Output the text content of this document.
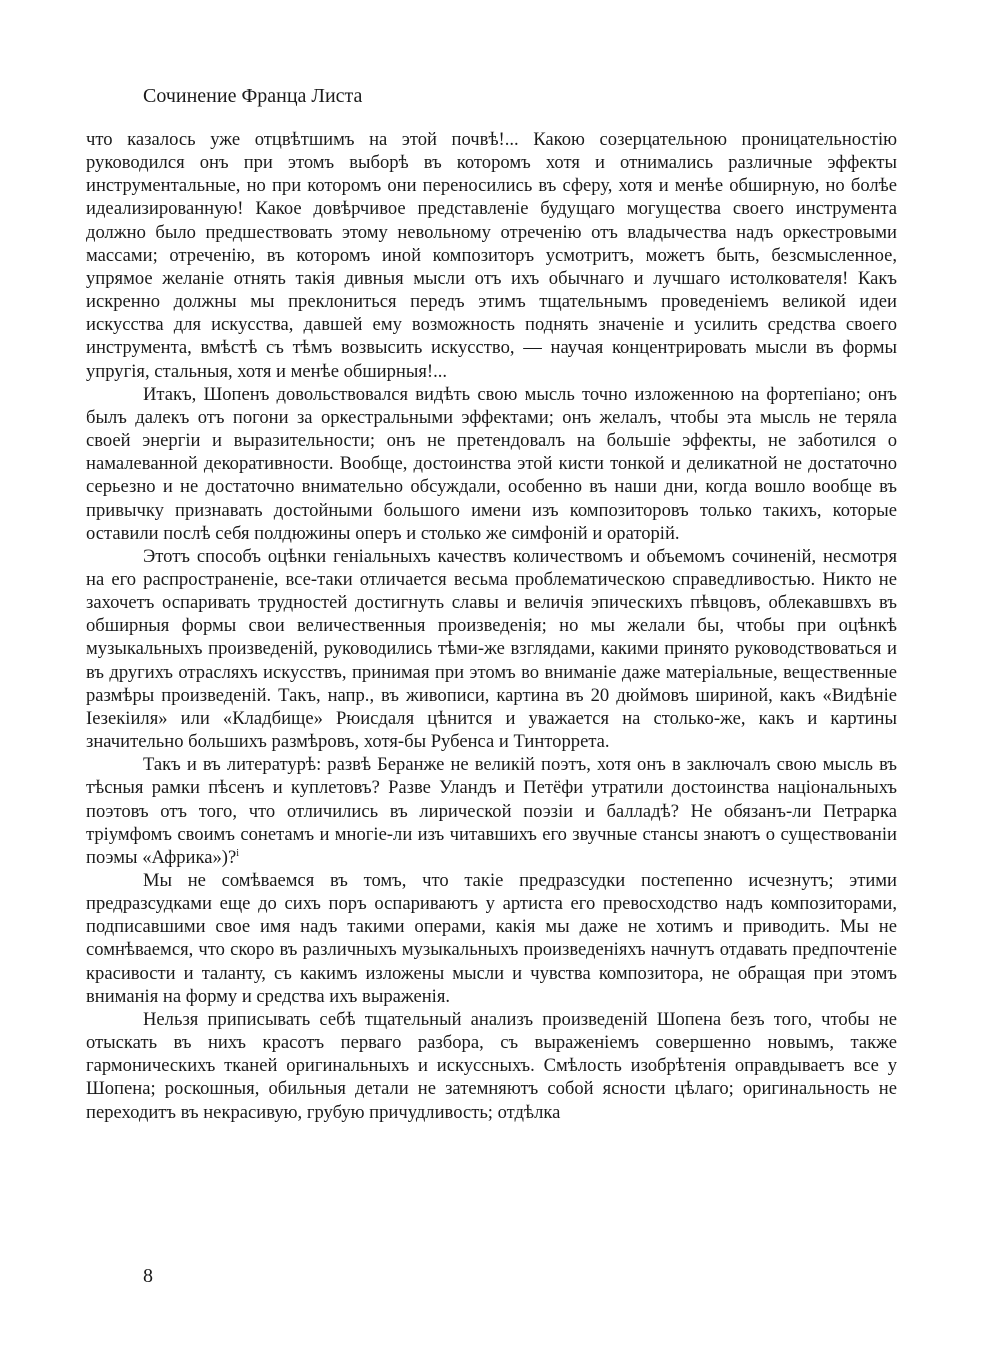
Сочинение Франца Листа

что казалось уже отцвѣтшимъ на этой почвѣ!... Какою созерцательною проницательностію руководился онъ при этомъ выборѣ въ которомъ хотя и отнимались различные эффекты инструментальные, но при которомъ они переносились въ сферу, хотя и менѣе обширную, но болѣе идеализированную! Какое довѣрчивое представленіе будущаго могущества своего инструмента должно было предшествовать этому невольному отреченію отъ владычества надъ оркестровыми массами; отреченію, въ которомъ иной композиторъ усмотритъ, можетъ быть, безсмысленное, упрямое желаніе отнять такія дивныя мысли отъ ихъ обычнаго и лучшаго истолкователя! Какъ искренно должны мы преклониться передъ этимъ тщательнымъ проведеніемъ великой идеи искусства для искусства, давшей ему возможность поднять значеніе и усилить средства своего инструмента, вмѣстѣ съ тѣмъ возвысить искусство, — научая концентрировать мысли въ формы упругія, стальныя, хотя и менѣе обширныя!...

Итакъ, Шопенъ довольствовался видѣть свою мысль точно изложенною на фортепіано; онъ былъ далекъ отъ погони за оркестральными эффектами; онъ желалъ, чтобы эта мысль не теряла своей энергіи и выразительности; онъ не претендовалъ на большіе эффекты, не заботился о намалеванной декоративности. Вообще, достоинства этой кисти тонкой и деликатной не достаточно серьезно и не достаточно внимательно обсуждали, особенно въ наши дни, когда вошло вообще въ привычку признавать достойными большого имени изъ композиторовъ только такихъ, которые оставили послѣ себя полдюжины оперъ и столько же симфоній и ораторій.

Этотъ способъ оцѣнки геніальныхъ качествъ количествомъ и объемомъ сочиненій, несмотря на его распространеніе, все-таки отличается весьма проблематическою справедливостью. Никто не захочетъ оспаривать трудностей достигнуть славы и величія эпическихъ пѣвцовъ, облекавшвхъ въ обширныя формы свои величественныя произведенія; но мы желали бы, чтобы при оцѣнкѣ музыкальныхъ произведеній, руководились тѣми-же взглядами, какими принято руководствоваться и въ другихъ отрасляхъ искусствъ, принимая при этомъ во вниманіе даже матеріальные, вещественные размѣры произведеній. Такъ, напр., въ живописи, картина въ 20 дюймовъ шириной, какъ «Видѣніе Іезекіиля» или «Кладбище» Рюисдаля цѣнится и уважается на столько-же, какъ и картины значительно большихъ размѣровъ, хотя-бы Рубенса и Тинторрета.

Такъ и въ литературѣ: развѣ Беранже не великій поэтъ, хотя онъ в заключалъ свою мысль въ тѣсныя рамки пѣсенъ и куплетовъ? Разве Уландъ и Петёфи утратили достоинства національныхъ поэтовъ отъ того, что отличились въ лирической поэзіи и балладѣ? Не обязанъ-ли Петрарка тріумфомъ своимъ сонетамъ и многіе-ли изъ читавшихъ его звучные стансы знаютъ о существованіи поэмы «Африка»)?$^i$

Мы не сомѣваемся въ томъ, что такіе предразсудки постепенно исчезнутъ; этими предразсудками еще до сихъ поръ оспариваютъ у артиста его превосходство надъ композиторами, подписавшими свое имя надъ такими операми, какія мы даже не хотимъ и приводить. Мы не сомнѣваемся, что скоро въ различныхъ музыкальныхъ произведеніяхъ начнутъ отдавать предпочтеніе красивости и таланту, съ какимъ изложены мысли и чувства композитора, не обращая при этомъ вниманія на форму и средства ихъ выраженія.

Нельзя приписывать себѣ тщательный анализъ произведеній Шопена безъ того, чтобы не отыскать въ нихъ красотъ перваго разбора, съ выраженіемъ совершенно новымъ, также гармоническихъ тканей оригинальныхъ и искуссныхъ. Смѣлость изобрѣтенія оправдываетъ все у Шопена; роскошныя, обильныя детали не затемняютъ собой ясности цѣлаго; оригинальность не переходитъ въ некрасивую, грубую причудливость; отдѣлка

8
